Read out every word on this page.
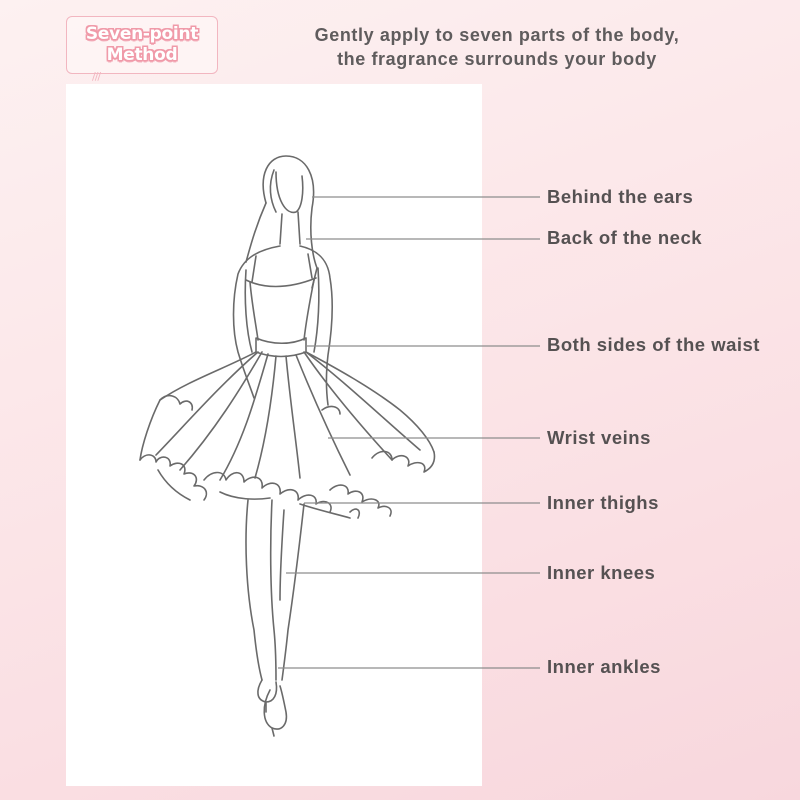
Seven-point
Method
///
Gently apply to seven parts of the body,
the fragrance surrounds your body
Behind the ears
Back of the neck
Both sides of the waist
Wrist veins
Inner thighs
Inner knees
Inner ankles
